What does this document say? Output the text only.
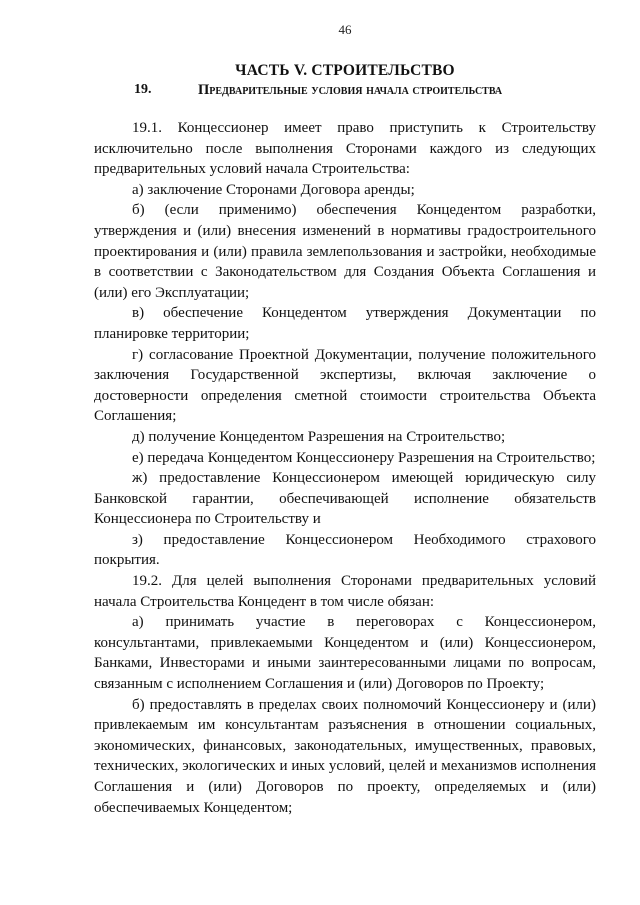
46
ЧАСТЬ V. СТРОИТЕЛЬСТВО
19.	Предварительные условия начала строительства

19.1. Концессионер имеет право приступить к Строительству исключительно после выполнения Сторонами каждого из следующих предварительных условий начала Строительства:

а) заключение Сторонами Договора аренды;

б) (если применимо) обеспечения Концедентом разработки, утверждения и (или) внесения изменений в нормативы градостроительного проектирования и (или) правила землепользования и застройки, необходимые в соответствии с Законодательством для Создания Объекта Соглашения и (или) его Эксплуатации;

в) обеспечение Концедентом утверждения Документации по планировке территории;

г) согласование Проектной Документации, получение положительного заключения Государственной экспертизы, включая заключение о достоверности определения сметной стоимости строительства Объекта Соглашения;

д) получение Концедентом Разрешения на Строительство;

е) передача Концедентом Концессионеру Разрешения на Строительство;

ж) предоставление Концессионером имеющей юридическую силу Банковской гарантии, обеспечивающей исполнение обязательств Концессионера по Строительству и

з) предоставление Концессионером Необходимого страхового покрытия.

19.2. Для целей выполнения Сторонами предварительных условий начала Строительства Концедент в том числе обязан:

а) принимать участие в переговорах с Концессионером, консультантами, привлекаемыми Концедентом и (или) Концессионером, Банками, Инвесторами и иными заинтересованными лицами по вопросам, связанным с исполнением Соглашения и (или) Договоров по Проекту;

б) предоставлять в пределах своих полномочий Концессионеру и (или) привлекаемым им консультантам разъяснения в отношении социальных, экономических, финансовых, законодательных, имущественных, правовых, технических, экологических и иных условий, целей и механизмов исполнения Соглашения и (или) Договоров по проекту, определяемых и (или) обеспечиваемых Концедентом;
